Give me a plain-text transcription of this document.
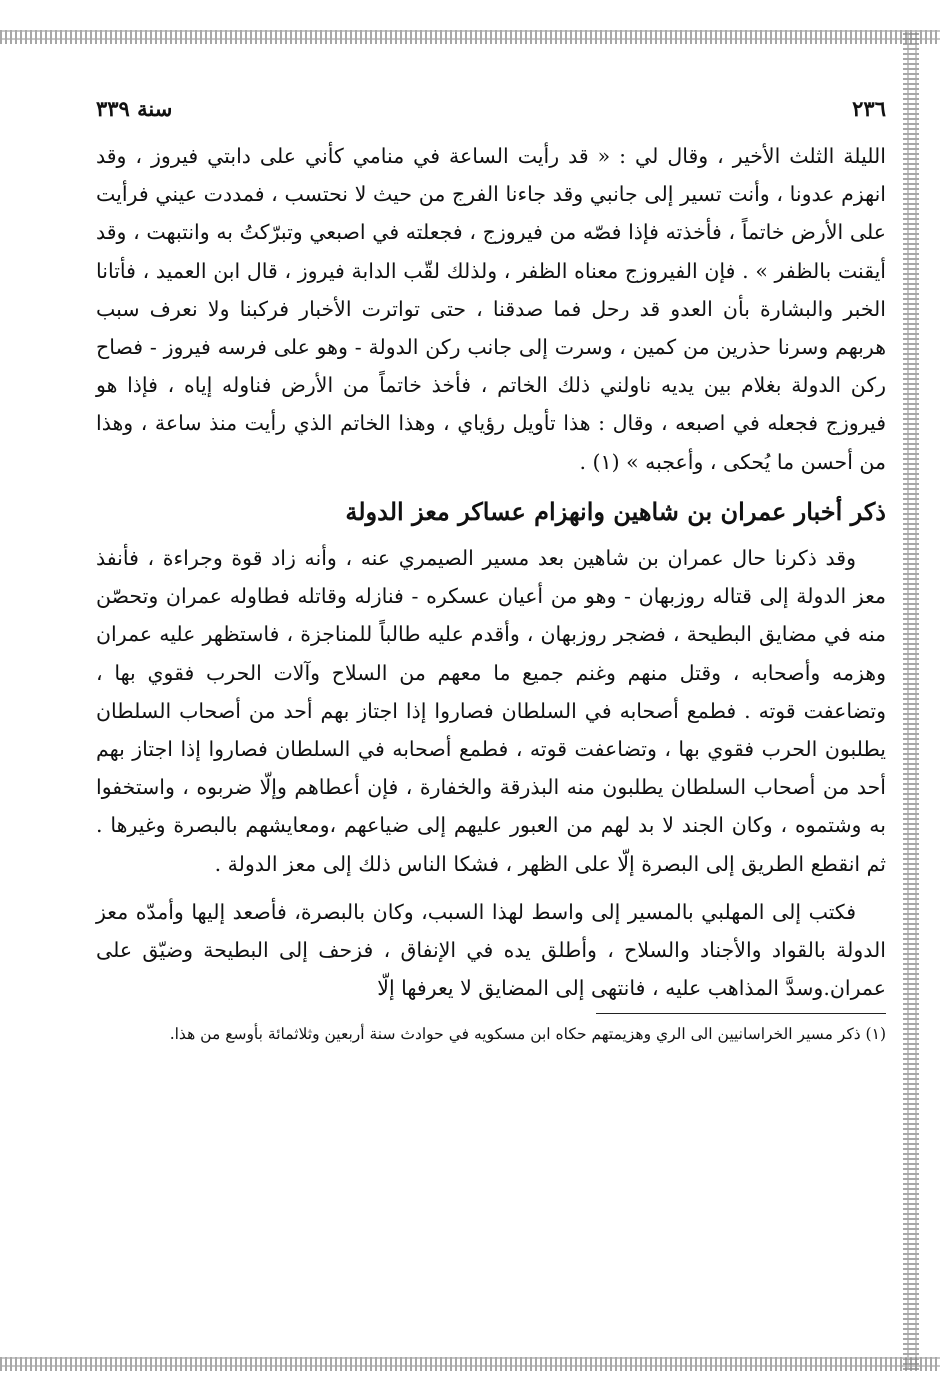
٢٣٦
سنة ٣٣٩

الليلة الثلث الأخير ، وقال لي : « قد رأيت الساعة في منامي كأني على دابتي فيروز ، وقد انهزم عدونا ، وأنت تسير إلى جانبي وقد جاءنا الفرج من حيث لا نحتسب ، فمددت عيني فرأيت على الأرض خاتماً ، فأخذته فإذا فصّه من فيروزج ، فجعلته في اصبعي وتبرّكتُ به وانتبهت ، وقد أيقنت بالظفر » . فإن الفيروزج معناه الظفر ، ولذلك لقّب الدابة فيروز ، قال ابن العميد ، فأتانا الخبر والبشارة بأن العدو قد رحل فما صدقنا ، حتى تواترت الأخبار فركبنا ولا نعرف سبب هربهم وسرنا حذرين من كمين ، وسرت إلى جانب ركن الدولة - وهو على فرسه فيروز - فصاح ركن الدولة بغلام بين يديه ناولني ذلك الخاتم ، فأخذ خاتماً من الأرض فناوله إياه ، فإذا هو فيروزج فجعله في اصبعه ، وقال : هذا تأويل رؤياي ، وهذا الخاتم الذي رأيت منذ ساعة ، وهذا من أحسن ما يُحكى ، وأعجبه » (١) .

ذكر أخبار عمران بن شاهين وانهزام عساكر معز الدولة

وقد ذكرنا حال عمران بن شاهين بعد مسير الصيمري عنه ، وأنه زاد قوة وجراءة ، فأنفذ معز الدولة إلى قتاله روزبهان - وهو من أعيان عسكره - فنازله وقاتله فطاوله عمران وتحصّن منه في مضايق البطيحة ، فضجر روزبهان ، وأقدم عليه طالباً للمناجزة ، فاستظهر عليه عمران وهزمه وأصحابه ، وقتل منهم وغنم جميع ما معهم من السلاح وآلات الحرب فقوي بها ، وتضاعفت قوته . فطمع أصحابه في السلطان فصاروا إذا اجتاز بهم أحد من أصحاب السلطان يطلبون الحرب فقوي بها ، وتضاعفت قوته ، فطمع أصحابه في السلطان فصاروا إذا اجتاز بهم أحد من أصحاب السلطان يطلبون منه البذرقة والخفارة ، فإن أعطاهم وإلّا ضربوه ، واستخفوا به وشتموه ، وكان الجند لا بد لهم من العبور عليهم إلى ضياعهم ،ومعايشهم بالبصرة وغيرها . ثم انقطع الطريق إلى البصرة إلّا على الظهر ، فشكا الناس ذلك إلى معز الدولة .

فكتب إلى المهلبي بالمسير إلى واسط لهذا السبب، وكان بالبصرة، فأصعد إليها وأمدّه معز الدولة بالقواد والأجناد والسلاح ، وأطلق يده في الإنفاق ، فزحف إلى البطيحة وضيّق على عمران.وسدَّ المذاهب عليه ، فانتهى إلى المضايق لا يعرفها إلّا

(١) ذكر مسير الخراسانيين الى الري وهزيمتهم حكاه ابن مسكويه في حوادث سنة أربعين وثلاثمائة بأوسع من هذا.
